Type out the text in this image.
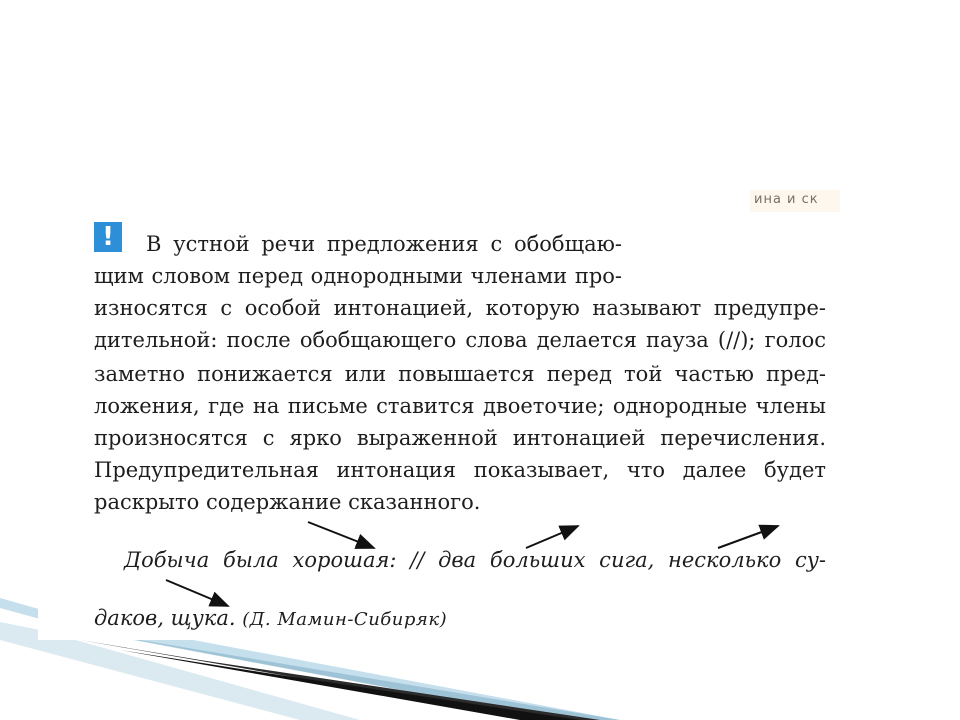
ина и ск
!	В устной речи предложения с обобщаю-
щим словом перед однородными членами про-
износятся с особой интонацией, которую называют предупре-
дительной: после обобщающего слова делается пауза (//); голос
заметно понижается или повышается перед той частью пред-
ложения, где на письме ставится двоеточие; однородные члены
произносятся с ярко выраженной интонацией перечисления.
Предупредительная интонация показывает, что далее будет
раскрыто содержание сказанного.
Добыча была хорошая: // два больших сига, несколько су-
даков, щука. (Д. Мамин-Сибиряк)
